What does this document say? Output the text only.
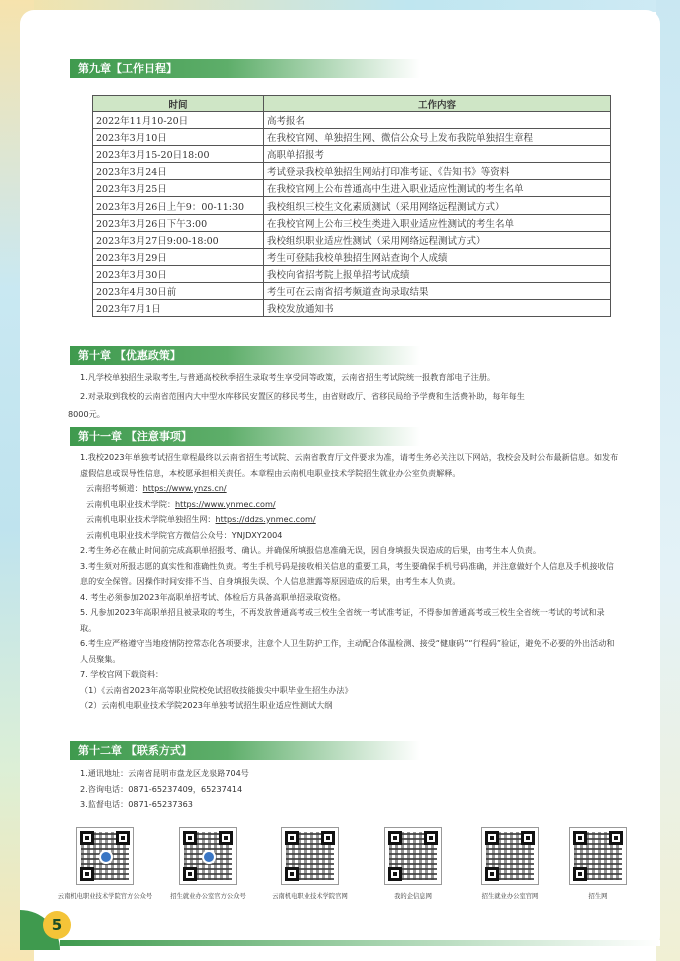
5
第九章【工作日程】
时间	工作内容
2022年11月10-20日	高考报名
2023年3月10日	在我校官网、单独招生网、微信公众号上发布我院单独招生章程
2023年3月15-20日18:00	高职单招报考
2023年3月24日	考试登录我校单独招生网站打印准考证、《告知书》等资料
2023年3月25日	在我校官网上公布普通高中生进入职业适应性测试的考生名单
2023年3月26日上午9：00-11:30	我校组织三校生文化素质测试（采用网络远程测试方式）
2023年3月26日下午3:00	在我校官网上公布三校生类进入职业适应性测试的考生名单
2023年3月27日9:00-18:00	我校组织职业适应性测试（采用网络远程测试方式）
2023年3月29日	考生可登陆我校单独招生网站查询个人成绩
2023年3月30日	我校向省招考院上报单招考试成绩
2023年4月30日前	考生可在云南省招考频道查询录取结果
2023年7月1日	我校发放通知书
第十章 【优惠政策】

1.凡学校单独招生录取考生,与普通高校秋季招生录取考生享受同等政策，云南省招生考试院统一报教育部电子注册。

2.对录取到我校的云南省范围内大中型水库移民安置区的移民考生，由省财政厅、省移民局给予学费和生活费补助，每年每生

8000元。

第十一章 【注意事项】

1.我校2023年单独考试招生章程最终以云南省招生考试院、云南省教育厅文件要求为准，请考生务必关注以下网站，我校会及时公布最新信息。如发布虚假信息或误导性信息，本校愿承担相关责任。本章程由云南机电职业技术学院招生就业办公室负责解释。

云南招考频道：https://www.ynzs.cn/

云南机电职业技术学院：https://www.ynmec.com/

云南机电职业技术学院单独招生网：https://ddzs.ynmec.com/

云南机电职业技术学院官方微信公众号：YNJDXY2004

2.考生务必在截止时间前完成高职单招报考、确认。并确保所填报信息准确无误，因自身填报失误造成的后果，由考生本人负责。

3.考生须对所报志愿的真实性和准确性负责。考生手机号码是接收相关信息的重要工具，考生要确保手机号码准确，并注意做好个人信息及手机接收信息的安全保管。因操作时间安排不当、自身填报失误、个人信息泄露等原因造成的后果，由考生本人负责。

4. 考生必须参加2023年高职单招考试、体检后方具备高职单招录取资格。

5. 凡参加2023年高职单招且被录取的考生，不再发放普通高考或三校生全省统一考试准考证，不得参加普通高考或三校生全省统一考试的考试和录取。

6.考生应严格遵守当地疫情防控常态化各项要求，注意个人卫生防护工作，主动配合体温检测、接受“健康码”“行程码”验证，避免不必要的外出活动和人员聚集。

7. 学校官网下载资料：

（1）《云南省2023年高等职业院校免试招收技能拔尖中职毕业生招生办法》

（2）云南机电职业技术学院2023年单独考试招生职业适应性测试大纲

第十二章 【联系方式】

1.通讯地址：云南省昆明市盘龙区龙泉路704号

2.咨询电话：0871-65237409，65237414

3.监督电话：0871-65237363

云南机电职业技术学院官方公众号	招生就业办公室官方公众号	云南机电职业技术学院官网	我的企信息网	招生就业办公室官网	招生网
